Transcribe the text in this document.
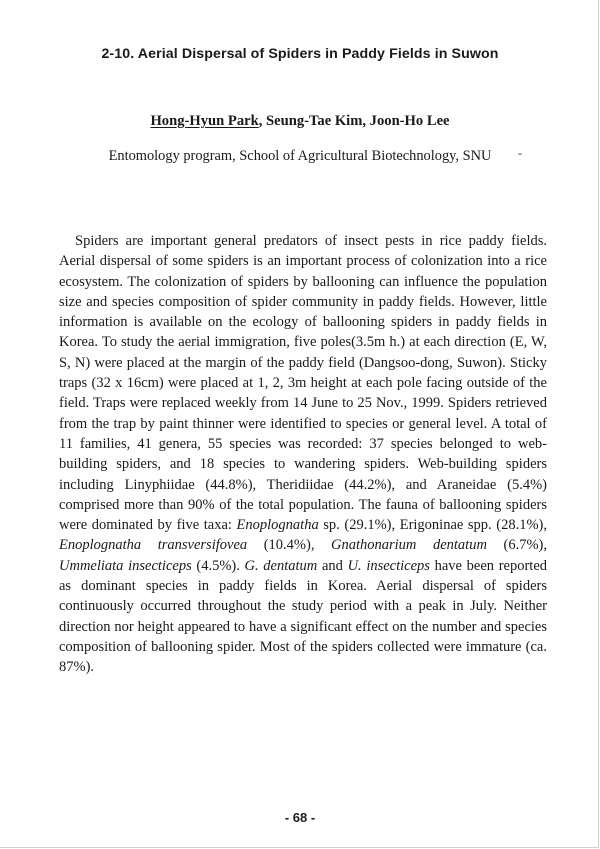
2-10. Aerial Dispersal of Spiders in Paddy Fields in Suwon
Hong-Hyun Park, Seung-Tae Kim, Joon-Ho Lee
Entomology program, School of Agricultural Biotechnology, SNU	-

Spiders are important general predators of insect pests in rice paddy fields. Aerial dispersal of some spiders is an important process of colonization into a rice ecosystem. The colonization of spiders by ballooning can influence the population size and species composition of spider community in paddy fields. However, little information is available on the ecology of ballooning spiders in paddy fields in Korea. To study the aerial immigration, five poles(3.5m h.) at each direction (E, W, S, N) were placed at the margin of the paddy field (Dangsoo-dong, Suwon). Sticky traps (32 x 16cm) were placed at 1, 2, 3m height at each pole facing outside of the field. Traps were replaced weekly from 14 June to 25 Nov., 1999. Spiders retrieved from the trap by paint thinner were identified to species or general level. A total of 11 families, 41 genera, 55 species was recorded: 37 species belonged to web-building spiders, and 18 species to wandering spiders. Web-building spiders including Linyphiidae (44.8%), Theridiidae (44.2%), and Araneidae (5.4%) comprised more than 90% of the total population. The fauna of ballooning spiders were dominated by five taxa: Enoplognatha sp. (29.1%), Erigoninae spp. (28.1%), Enoplognatha transversifovea (10.4%), Gnathonarium dentatum (6.7%), Ummeliata insecticeps (4.5%). G. dentatum and U. insecticeps have been reported as dominant species in paddy fields in Korea. Aerial dispersal of spiders continuously occurred throughout the study period with a peak in July. Neither direction nor height appeared to have a significant effect on the number and species composition of ballooning spider. Most of the spiders collected were immature (ca. 87%).

- 68 -
